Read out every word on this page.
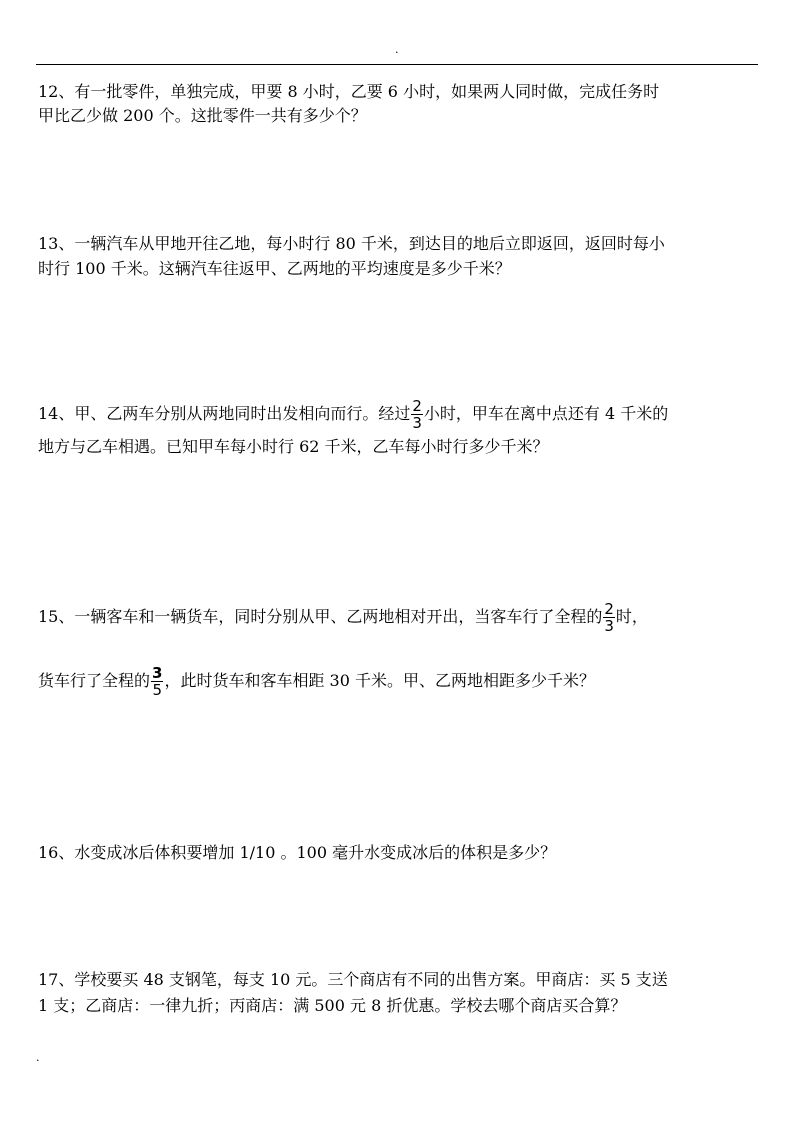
.
12、有一批零件，单独完成，甲要 8 小时，乙要 6 小时，如果两人同时做，完成任务时
甲比乙少做 200 个。这批零件一共有多少个？
13、一辆汽车从甲地开往乙地，每小时行 80 千米，到达目的地后立即返回，返回时每小
时行 100 千米。这辆汽车往返甲、乙两地的平均速度是多少千米？
14、甲、乙两车分别从两地同时出发相向而行。经过 $\frac{2}{3}$ 小时，甲车在离中点还有 4 千米的
地方与乙车相遇。已知甲车每小时行 62 千米，乙车每小时行多少千米？
15、一辆客车和一辆货车，同时分别从甲、乙两地相对开出，当客车行了全程的 $\frac{2}{3}$ 时，
货车行了全程的 $\frac{3}{5}$ ，此时货车和客车相距 30 千米。甲、乙两地相距多少千米？
16、水变成冰后体积要增加 1/10 。100 毫升水变成冰后的体积是多少？
17、学校要买 48 支钢笔，每支 10 元。三个商店有不同的出售方案。甲商店：买 5 支送
1 支；乙商店：一律九折；丙商店：满 500 元 8 折优惠。学校去哪个商店买合算？
.
